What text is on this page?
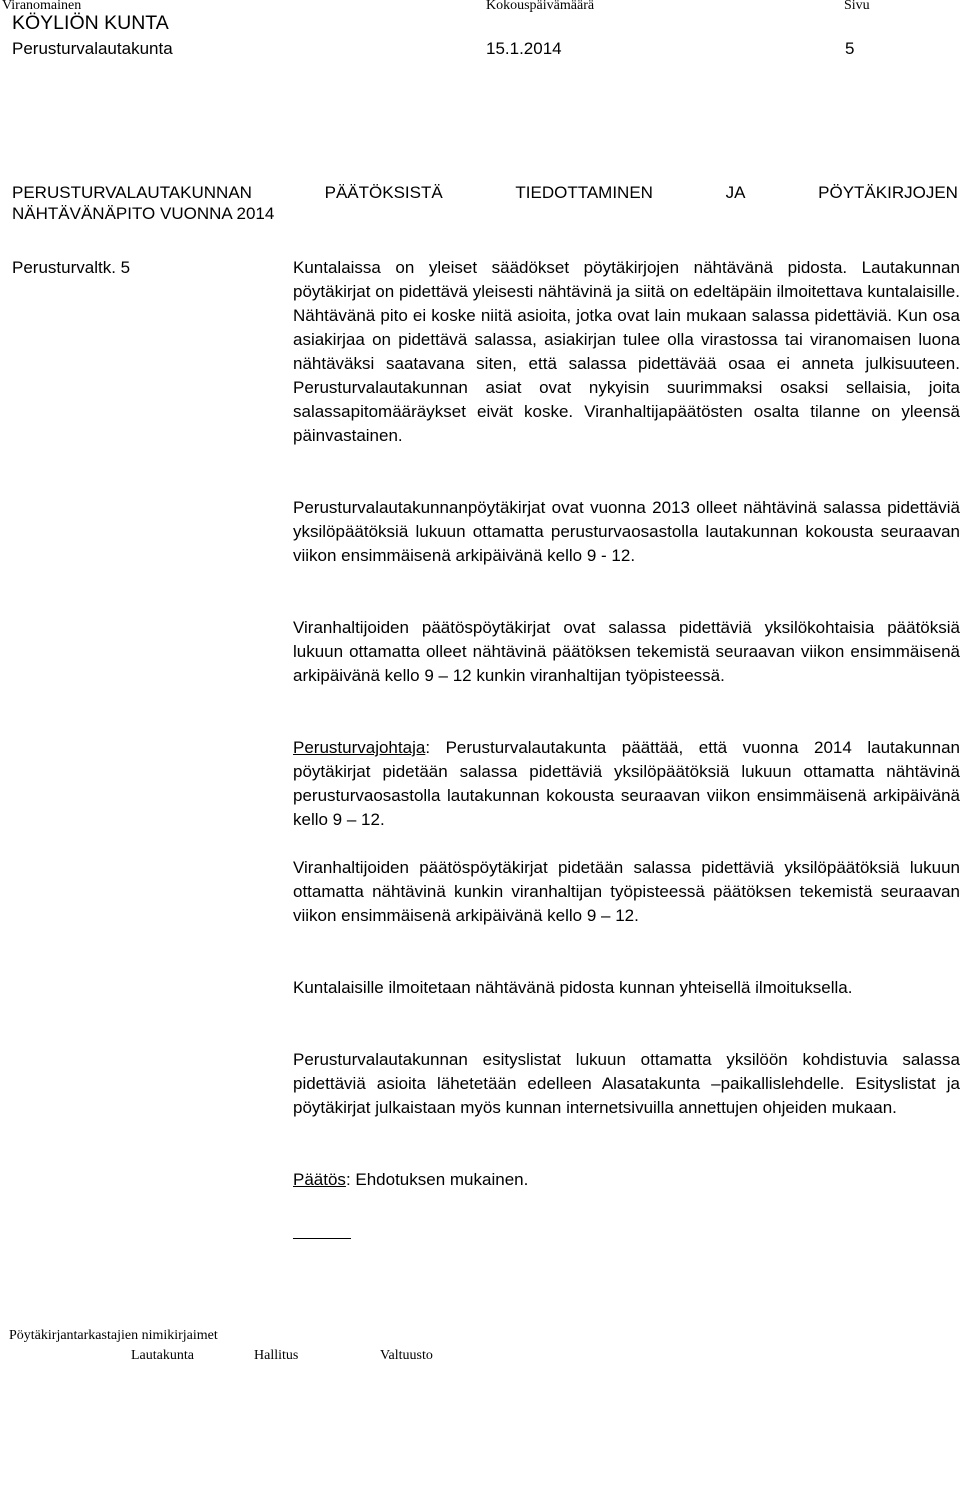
Viranomainen	Kokouspäivämäärä	Sivu
KÖYLIÖN KUNTA
Perusturvalautakunta	15.1.2014	5
PERUSTURVALAUTAKUNNAN	PÄÄTÖKSISTÄ	TIEDOTTAMINEN	JA	PÖYTÄKIRJOJEN
NÄHTÄVÄNÄPITO VUONNA 2014
Perusturvaltk. 5	Kuntalaissa on yleiset säädökset pöytäkirjojen nähtävänä pidosta. Lautakunnan pöytäkirjat on pidettävä yleisesti nähtävinä ja siitä on edeltäpäin ilmoitettava kuntalaisille. Nähtävänä pito ei koske niitä asioita, jotka ovat lain mukaan salassa pidettäviä. Kun osa asiakirjaa on pidettävä salassa, asiakirjan tulee olla virastossa tai viranomaisen luona nähtäväksi saatavana siten, että salassa pidettävää osaa ei anneta julkisuuteen. Perusturvalautakunnan asiat ovat nykyisin suurimmaksi osaksi sellaisia, joita salassapitomääräykset eivät koske. Viranhaltijapäätösten osalta tilanne on yleensä päinvastainen.

Perusturvalautakunnanpöytäkirjat ovat vuonna 2013 olleet nähtävinä salassa pidettäviä yksilöpäätöksiä lukuun ottamatta perusturvaosastolla lautakunnan kokousta seuraavan viikon ensimmäisenä arkipäivänä kello 9 - 12.

Viranhaltijoiden päätöspöytäkirjat ovat salassa pidettäviä yksilökohtaisia päätöksiä lukuun ottamatta olleet nähtävinä päätöksen tekemistä seuraavan viikon ensimmäisenä arkipäivänä kello 9 – 12 kunkin viranhaltijan työpisteessä.

Perusturvajohtaja: Perusturvalautakunta päättää, että vuonna 2014 lautakunnan pöytäkirjat pidetään salassa pidettäviä yksilöpäätöksiä lukuun ottamatta nähtävinä perusturvaosastolla lautakunnan kokousta seuraavan viikon ensimmäisenä arkipäivänä kello 9 – 12.

Viranhaltijoiden päätöspöytäkirjat pidetään salassa pidettäviä yksilöpäätöksiä lukuun ottamatta nähtävinä kunkin viranhaltijan työpisteessä päätöksen tekemistä seuraavan viikon ensimmäisenä arkipäivänä kello 9 – 12.

Kuntalaisille ilmoitetaan nähtävänä pidosta kunnan yhteisellä ilmoituksella.

Perusturvalautakunnan esityslistat lukuun ottamatta yksilöön kohdistuvia salassa pidettäviä asioita lähetetään edelleen Alasatakunta –paikallislehdelle. Esityslistat ja pöytäkirjat julkaistaan myös kunnan internetsivuilla annettujen ohjeiden mukaan.

Päätös: Ehdotuksen mukainen.

Pöytäkirjantarkastajien nimikirjaimet
Lautakunta	Hallitus	Valtuusto
